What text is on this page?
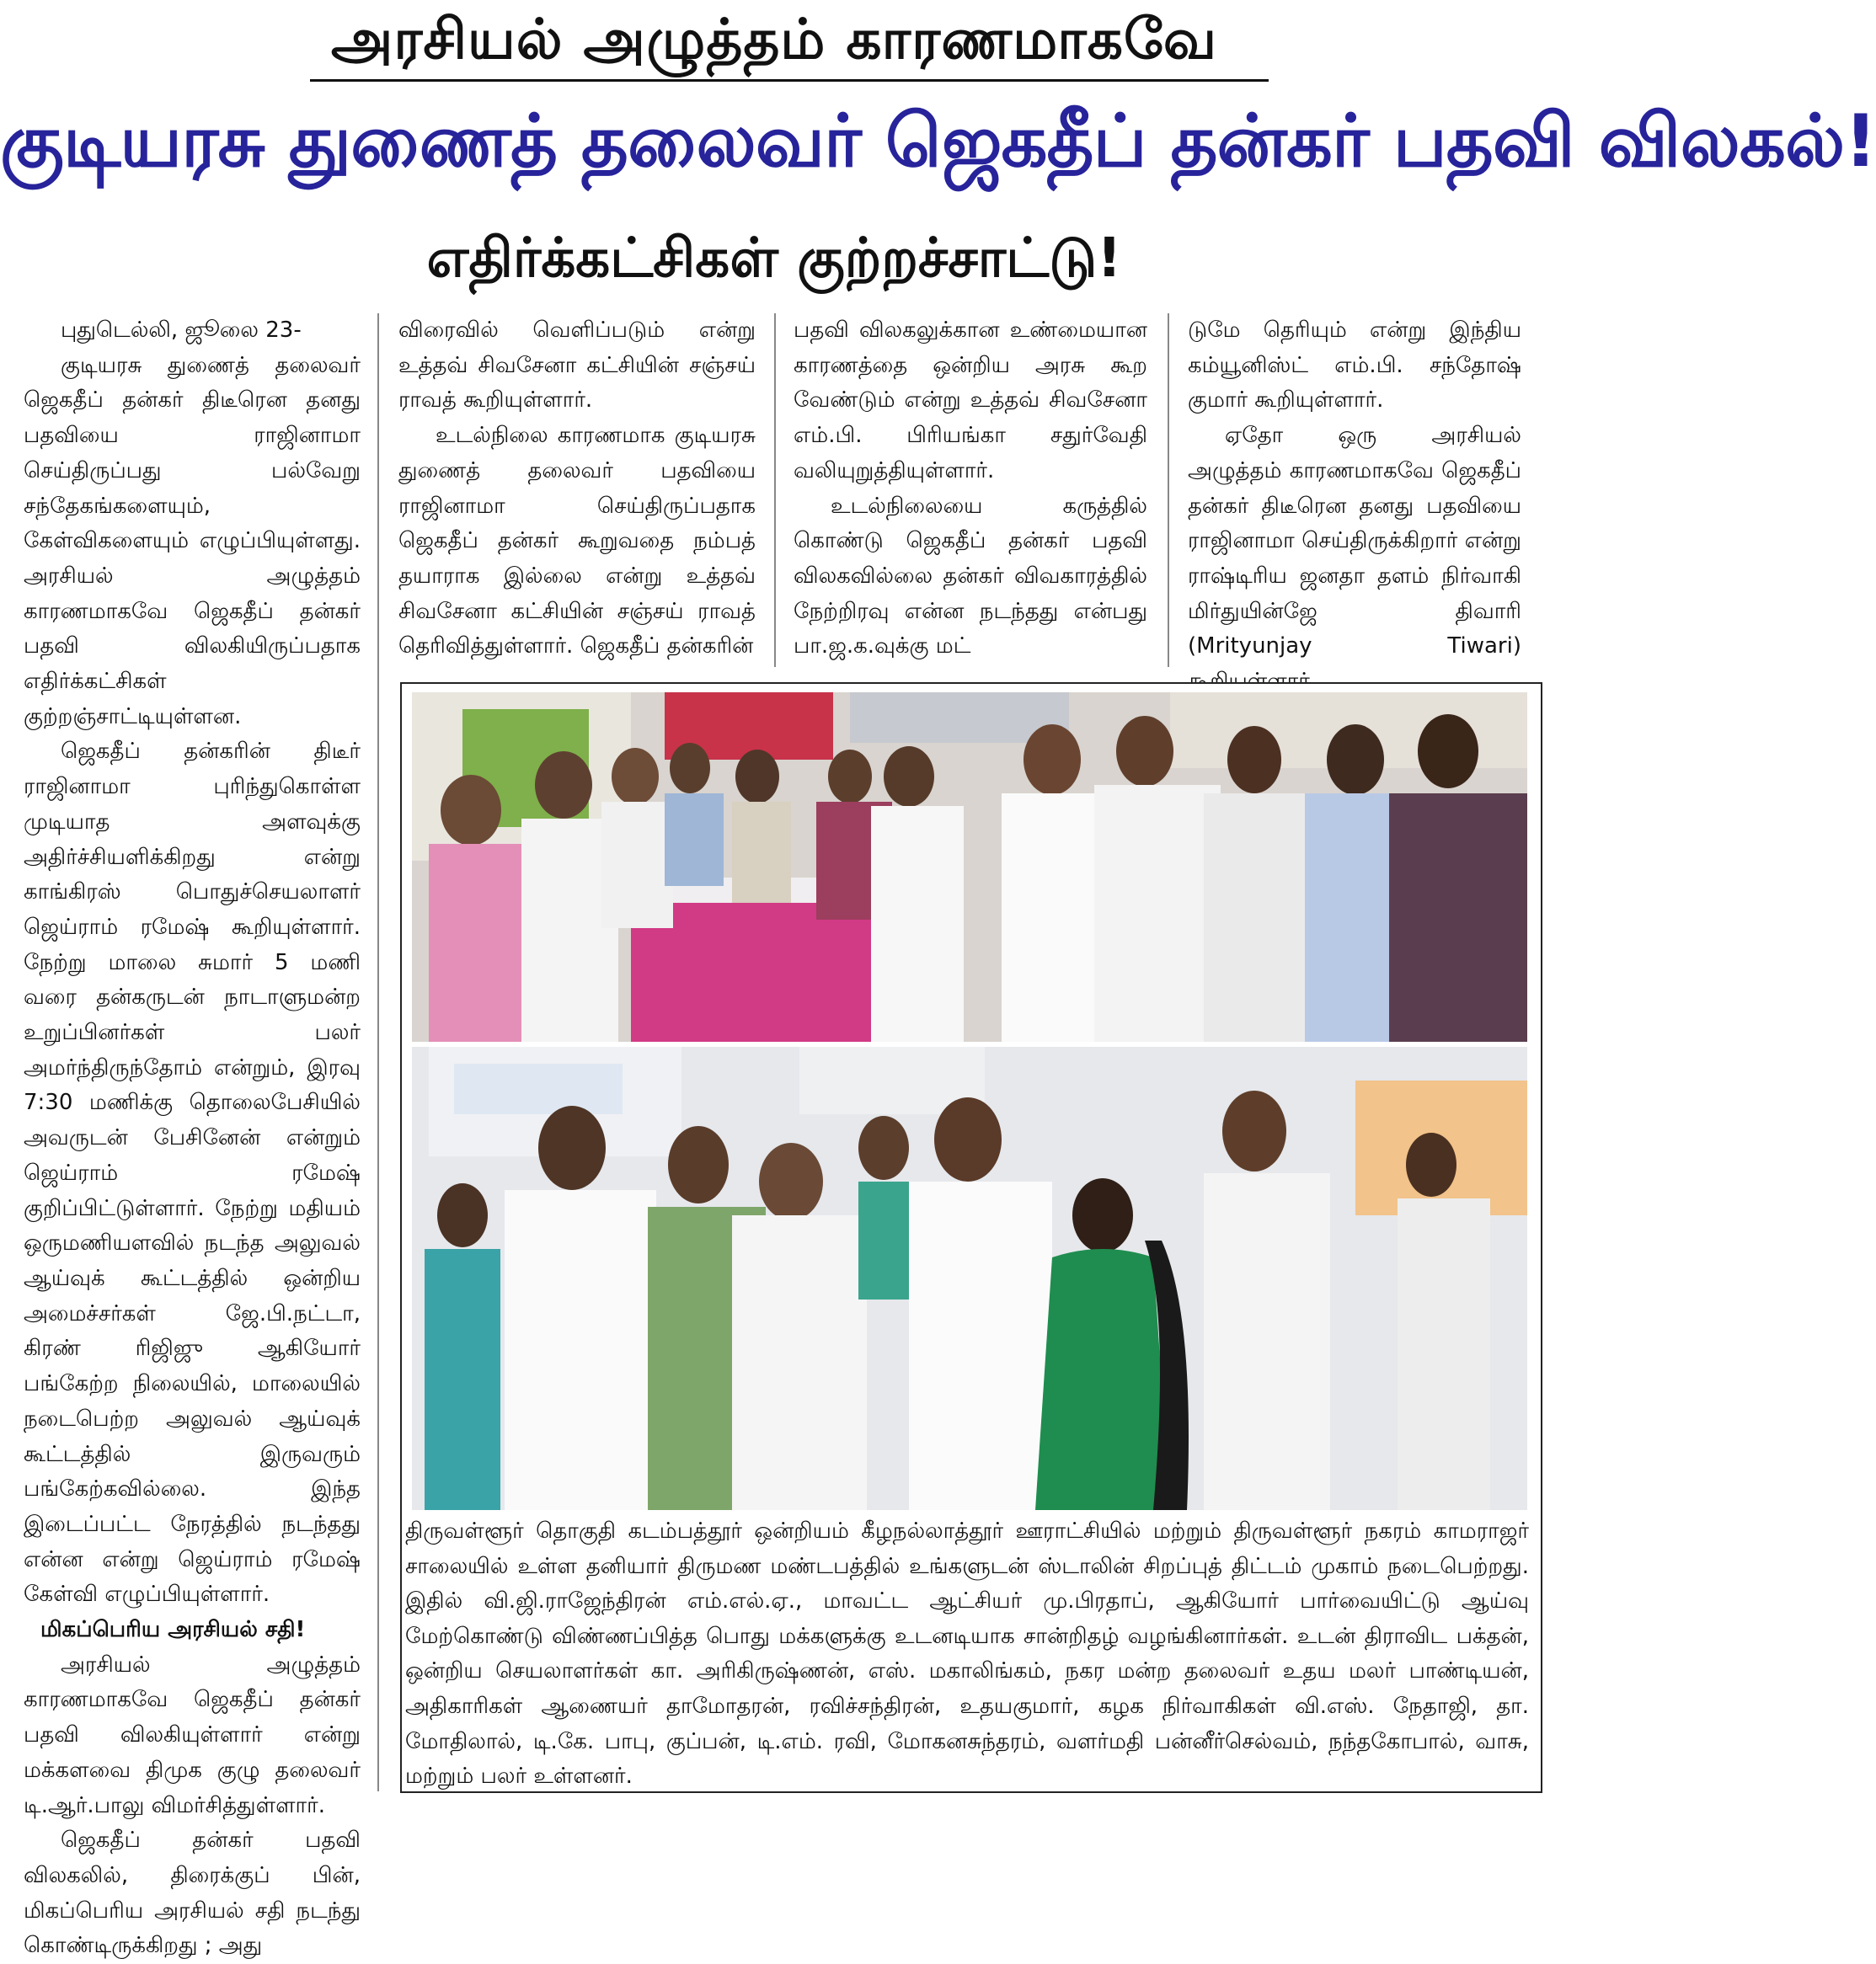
அரசியல் அழுத்தம் காரணமாகவே
குடியரசு துணைத் தலைவர் ஜெகதீப் தன்கர் பதவி விலகல்!
எதிர்க்கட்சிகள் குற்றச்சாட்டு!

புதுடெல்லி, ஜூலை 23-

குடியரசு துணைத் தலைவர் ஜெகதீப் தன்கர் திடீரென தனது பதவியை ராஜினாமா செய்திருப்பது பல்வேறு சந்தேகங்களையும், கேள்விகளையும் எழுப்பியுள்ளது. அரசியல் அழுத்தம் காரணமாகவே ஜெகதீப் தன்கர் பதவி விலகியிருப்பதாக எதிர்க்கட்சிகள் குற்றஞ்சாட்டியுள்ளன.

ஜெகதீப் தன்கரின் திடீர் ராஜினாமா புரிந்துகொள்ள முடியாத அளவுக்கு அதிர்ச்சியளிக்கிறது என்று காங்கிரஸ் பொதுச்செயலாளர் ஜெய்ராம் ரமேஷ் கூறியுள்ளார். நேற்று மாலை சுமார் 5 மணி வரை தன்கருடன் நாடாளுமன்ற உறுப்பினர்கள் பலர் அமர்ந்திருந்தோம் என்றும், இரவு 7:30 மணிக்கு தொலைபேசியில் அவருடன் பேசினேன் என்றும் ஜெய்ராம் ரமேஷ் குறிப்பிட்டுள்ளார். நேற்று மதியம் ஒருமணியளவில் நடந்த அலுவல் ஆய்வுக் கூட்டத்தில் ஒன்றிய அமைச்சர்கள் ஜே.பி.நட்டா, கிரண் ரிஜிஜு ஆகியோர் பங்கேற்ற நிலையில், மாலையில் நடைபெற்ற அலுவல் ஆய்வுக் கூட்டத்தில் இருவரும் பங்கேற்கவில்லை. இந்த இடைப்பட்ட நேரத்தில் நடந்தது என்ன என்று ஜெய்ராம் ரமேஷ் கேள்வி எழுப்பியுள்ளார்.

மிகப்பெரிய அரசியல் சதி!

அரசியல் அழுத்தம் காரணமாகவே ஜெகதீப் தன்கர் பதவி விலகியுள்ளார் என்று மக்களவை திமுக குழு தலைவர் டி.ஆர்.பாலு விமர்சித்துள்ளார்.

ஜெகதீப் தன்கர் பதவி விலகலில், திரைக்குப் பின், மிகப்பெரிய அரசியல் சதி நடந்து கொண்டிருக்கிறது ; அது

விரைவில் வெளிப்படும் என்று உத்தவ் சிவசேனா கட்சியின் சஞ்சய் ராவத் கூறியுள்ளார்.

உடல்நிலை காரணமாக குடியரசு துணைத் தலைவர் பதவியை ராஜினாமா செய்திருப்பதாக ஜெகதீப் தன்கர் கூறுவதை நம்பத் தயாராக இல்லை என்று உத்தவ் சிவசேனா கட்சியின் சஞ்சய் ராவத் தெரிவித்துள்ளார். ஜெகதீப் தன்கரின்

பதவி விலகலுக்கான உண்மையான காரணத்தை ஒன்றிய அரசு கூற வேண்டும் என்று உத்தவ் சிவசேனா எம்.பி. பிரியங்கா சதுர்வேதி வலியுறுத்தியுள்ளார்.

உடல்நிலையை கருத்தில் கொண்டு ஜெகதீப் தன்கர் பதவி விலகவில்லை தன்கர் விவகாரத்தில் நேற்றிரவு என்ன நடந்தது என்பது பா.ஜ.க.வுக்கு மட்

டுமே தெரியும் என்று இந்திய கம்யூனிஸ்ட் எம்.பி. சந்தோஷ் குமார் கூறியுள்ளார்.

ஏதோ ஒரு அரசியல் அழுத்தம் காரணமாகவே ஜெகதீப் தன்கர் திடீரென தனது பதவியை ராஜினாமா செய்திருக்கிறார் என்று ராஷ்டிரிய ஜனதா தளம் நிர்வாகி மிர்துயின்ஜே திவாரி (Mrityunjay Tiwari)

திருவள்ளூர் தொகுதி கடம்பத்தூர் ஒன்றியம் கீழநல்லாத்தூர் ஊராட்சியில் மற்றும் திருவள்ளூர் நகரம் காமராஜர் சாலையில் உள்ள தனியார் திருமண மண்டபத்தில் உங்களுடன் ஸ்டாலின் சிறப்புத் திட்டம் முகாம் நடைபெற்றது. இதில் வி.ஜி.ராஜேந்திரன் எம்.எல்.ஏ., மாவட்ட ஆட்சியர் மு.பிரதாப், ஆகியோர் பார்வையிட்டு ஆய்வு மேற்கொண்டு விண்ணப்பித்த பொது மக்களுக்கு உடனடியாக சான்றிதழ் வழங்கினார்கள். உடன் திராவிட பக்தன், ஒன்றிய செயலாளர்கள் கா. அரிகிருஷ்ணன், எஸ். மகாலிங்கம், நகர மன்ற தலைவர் உதய மலர் பாண்டியன், அதிகாரிகள் ஆணையர் தாமோதரன், ரவிச்சந்திரன், உதயகுமார், கழக நிர்வாகிகள் வி.எஸ். நேதாஜி, தா. மோதிலால், டி.கே. பாபு, குப்பன், டி.எம். ரவி, மோகனசுந்தரம், வளர்மதி பன்னீர்செல்வம், நந்தகோபால், வாசு, மற்றும் பலர் உள்ளனர்.
